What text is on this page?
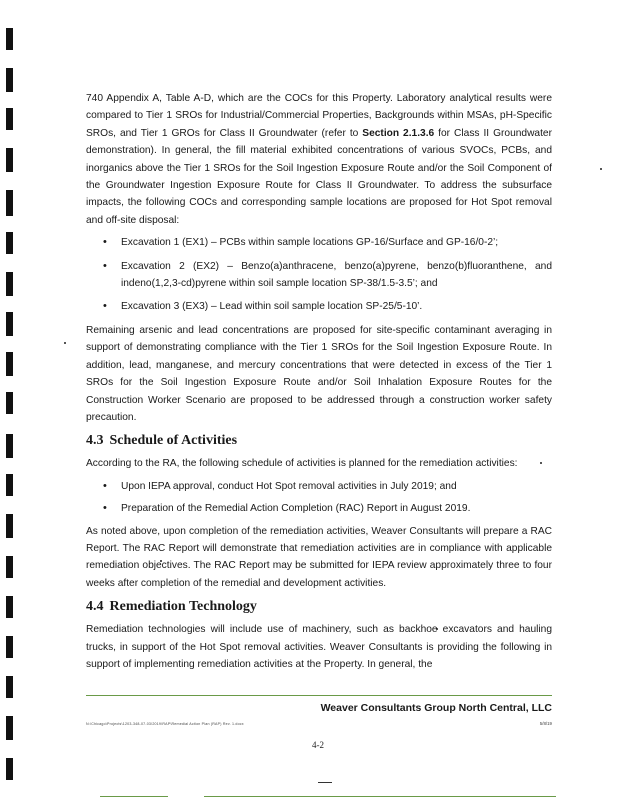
740 Appendix A, Table A-D, which are the COCs for this Property. Laboratory analytical results were compared to Tier 1 SROs for Industrial/Commercial Properties, Backgrounds within MSAs, pH-Specific SROs, and Tier 1 GROs for Class II Groundwater (refer to Section 2.1.3.6 for Class II Groundwater demonstration). In general, the fill material exhibited concentrations of various SVOCs, PCBs, and inorganics above the Tier 1 SROs for the Soil Ingestion Exposure Route and/or the Soil Component of the Groundwater Ingestion Exposure Route for Class II Groundwater. To address the subsurface impacts, the following COCs and corresponding sample locations are proposed for Hot Spot removal and off-site disposal:

• Excavation 1 (EX1) – PCBs within sample locations GP-16/Surface and GP-16/0-2’;
• Excavation 2 (EX2) – Benzo(a)anthracene, benzo(a)pyrene, benzo(b)fluoranthene, and indeno(1,2,3-cd)pyrene within soil sample location SP-38/1.5-3.5’; and
• Excavation 3 (EX3) – Lead within soil sample location SP-25/5-10’.

Remaining arsenic and lead concentrations are proposed for site-specific contaminant averaging in support of demonstrating compliance with the Tier 1 SROs for the Soil Ingestion Exposure Route. In addition, lead, manganese, and mercury concentrations that were detected in excess of the Tier 1 SROs for the Soil Ingestion Exposure Route and/or Soil Inhalation Exposure Routes for the Construction Worker Scenario are proposed to be addressed through a construction worker safety precaution.

4.3 Schedule of Activities

According to the RA, the following schedule of activities is planned for the remediation activities:

• Upon IEPA approval, conduct Hot Spot removal activities in July 2019; and
• Preparation of the Remedial Action Completion (RAC) Report in August 2019.

As noted above, upon completion of the remediation activities, Weaver Consultants will prepare a RAC Report. The RAC Report will demonstrate that remediation activities are in compliance with applicable remediation objectives. The RAC Report may be submitted for IEPA review approximately three to four weeks after completion of the remedial and development activities.

4.4 Remediation Technology

Remediation technologies will include use of machinery, such as backhoe excavators and hauling trucks, in support of the Hot Spot removal activities. Weaver Consultants is providing the following in support of implementing remediation activities at the Property. In general, the

Weaver Consultants Group North Central, LLC
N:\Chicago\Projects\1203-348-07-03\2019\RAP\Remedial Action Plan (RAP) Rev. 1.docx	5/8/19
4-2
